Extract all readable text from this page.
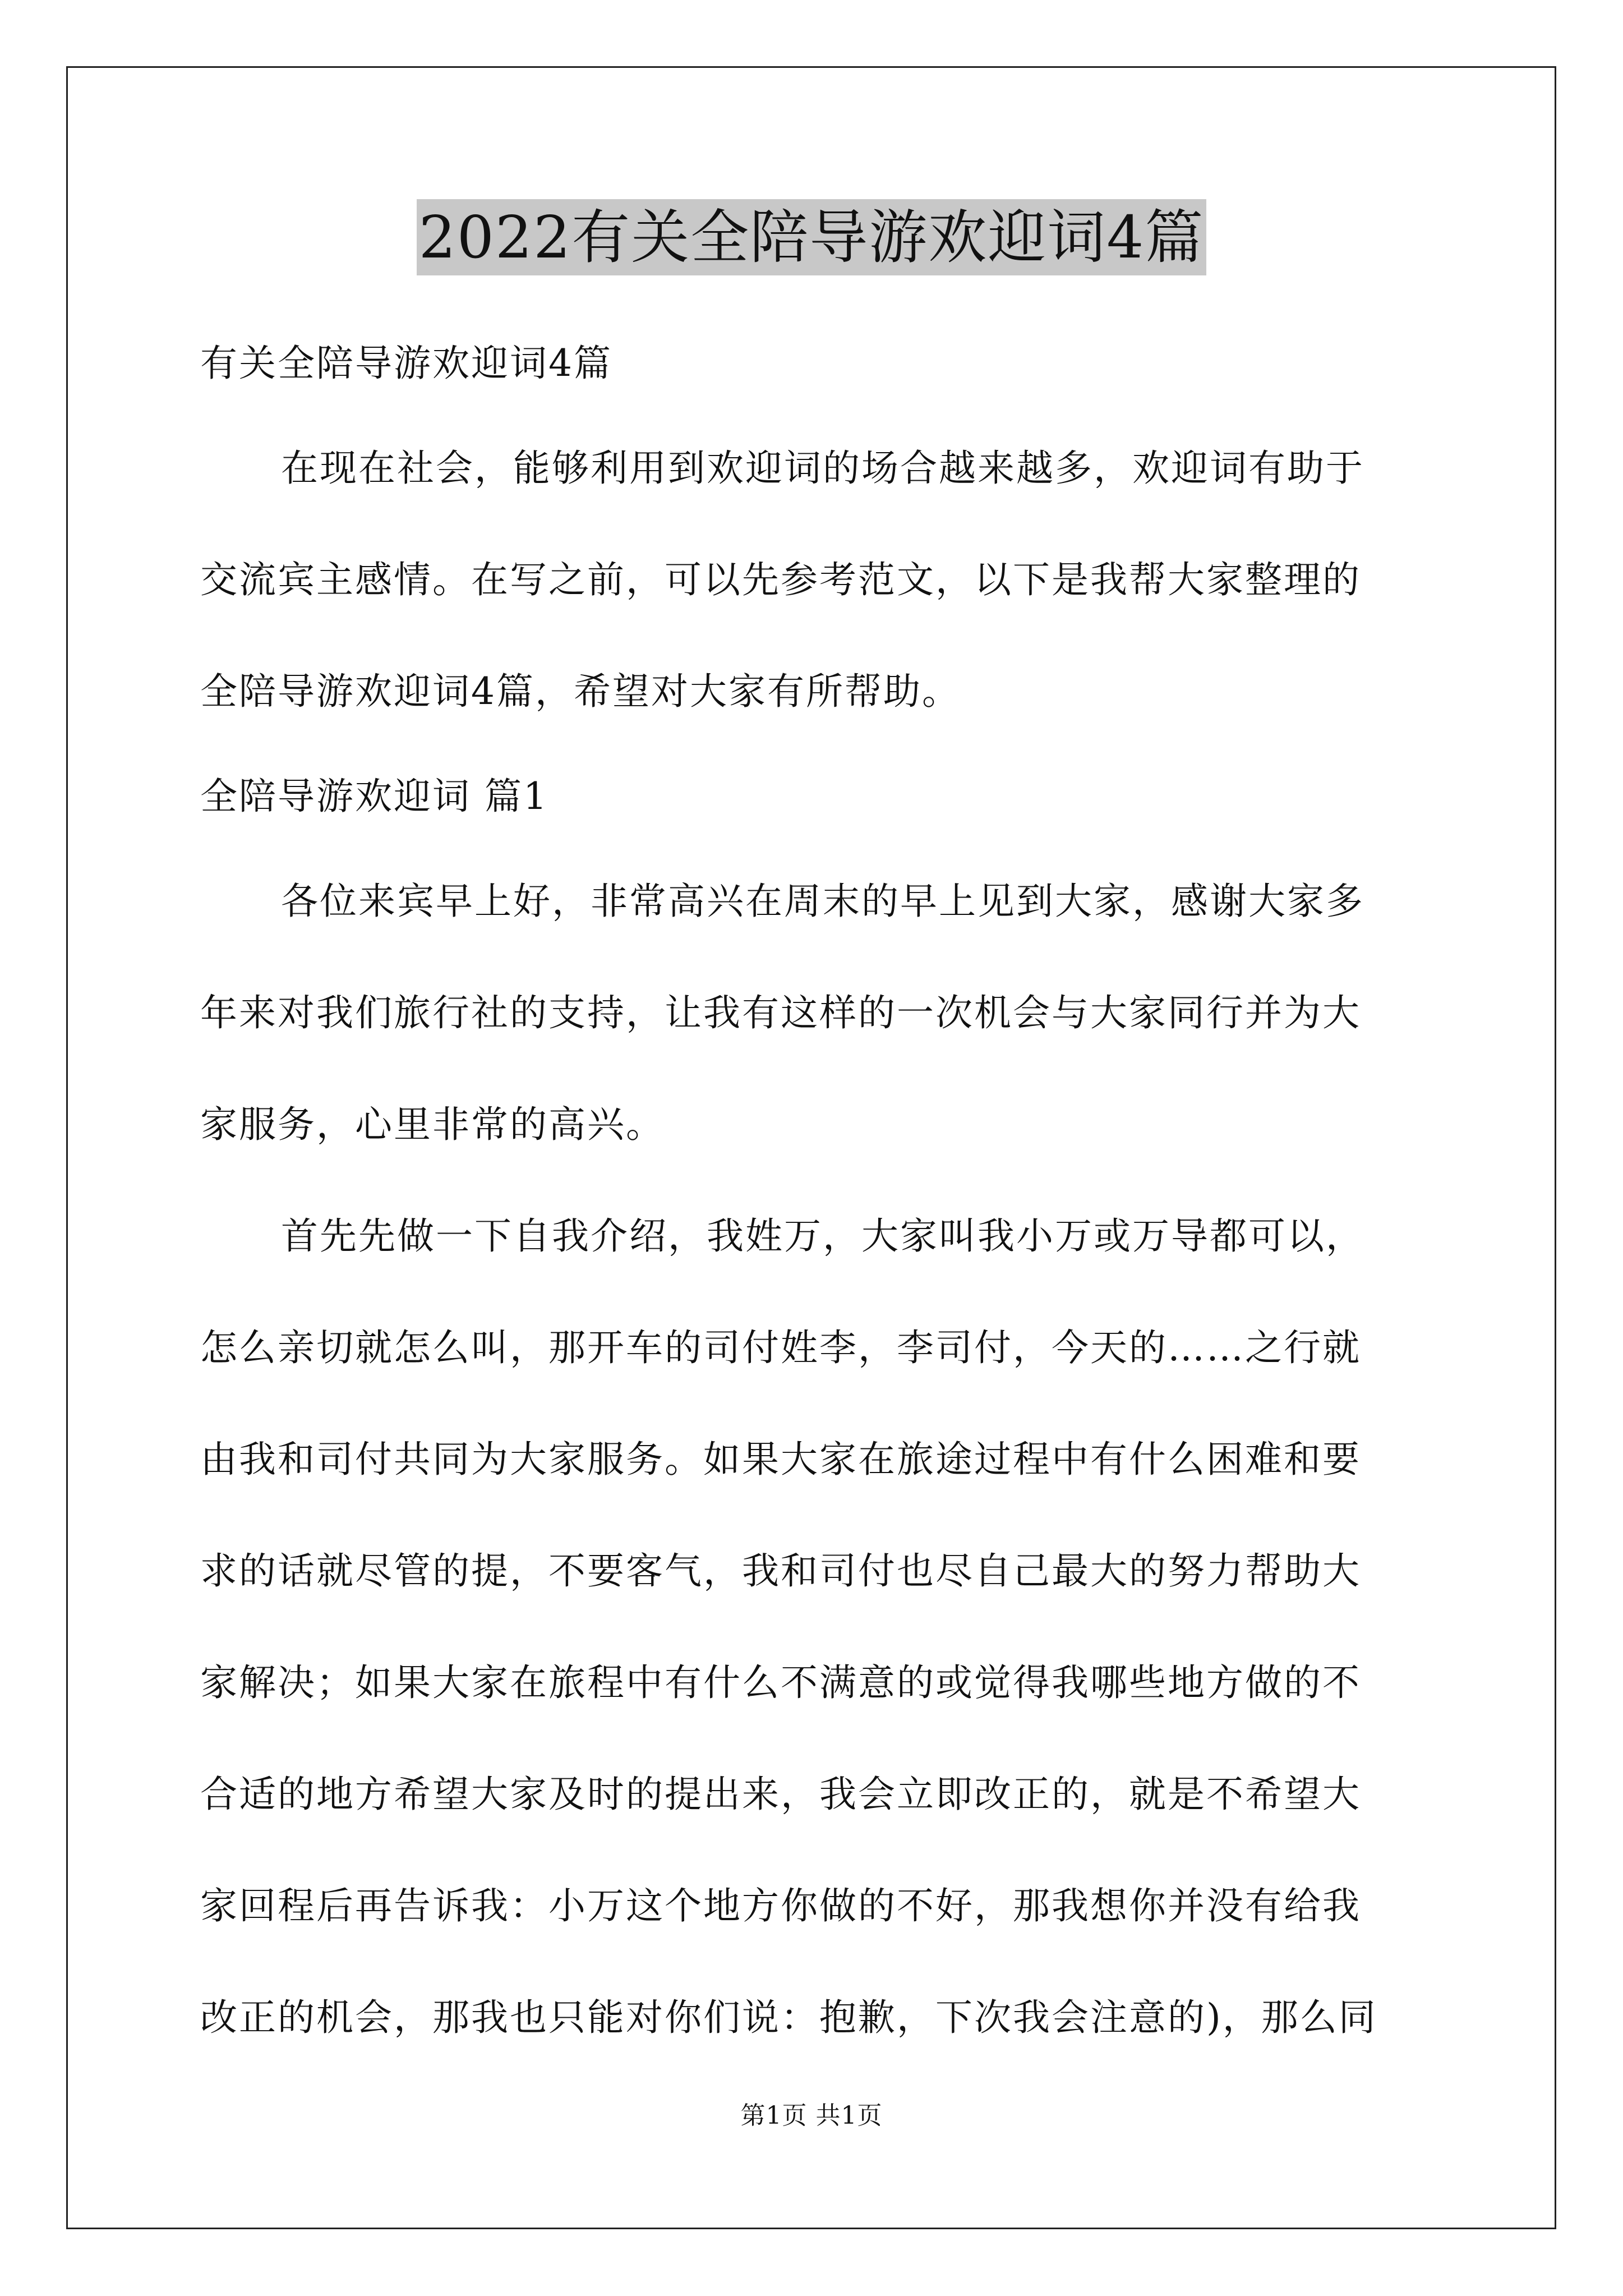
2022有关全陪导游欢迎词4篇
有关全陪导游欢迎词4篇
在现在社会，能够利用到欢迎词的场合越来越多，欢迎词有助于
交流宾主感情。在写之前，可以先参考范文，以下是我帮大家整理的
全陪导游欢迎词4篇，希望对大家有所帮助。
全陪导游欢迎词 篇1
各位来宾早上好，非常高兴在周末的早上见到大家，感谢大家多
年来对我们旅行社的支持，让我有这样的一次机会与大家同行并为大
家服务，心里非常的高兴。
首先先做一下自我介绍，我姓万，大家叫我小万或万导都可以，
怎么亲切就怎么叫，那开车的司付姓李，李司付，今天的……之行就
由我和司付共同为大家服务。如果大家在旅途过程中有什么困难和要
求的话就尽管的提，不要客气，我和司付也尽自己最大的努力帮助大
家解决；如果大家在旅程中有什么不满意的或觉得我哪些地方做的不
合适的地方希望大家及时的提出来，我会立即改正的，就是不希望大
家回程后再告诉我：小万这个地方你做的不好，那我想你并没有给我
改正的机会，那我也只能对你们说：抱歉，下次我会注意的)，那么同
第1页 共1页
